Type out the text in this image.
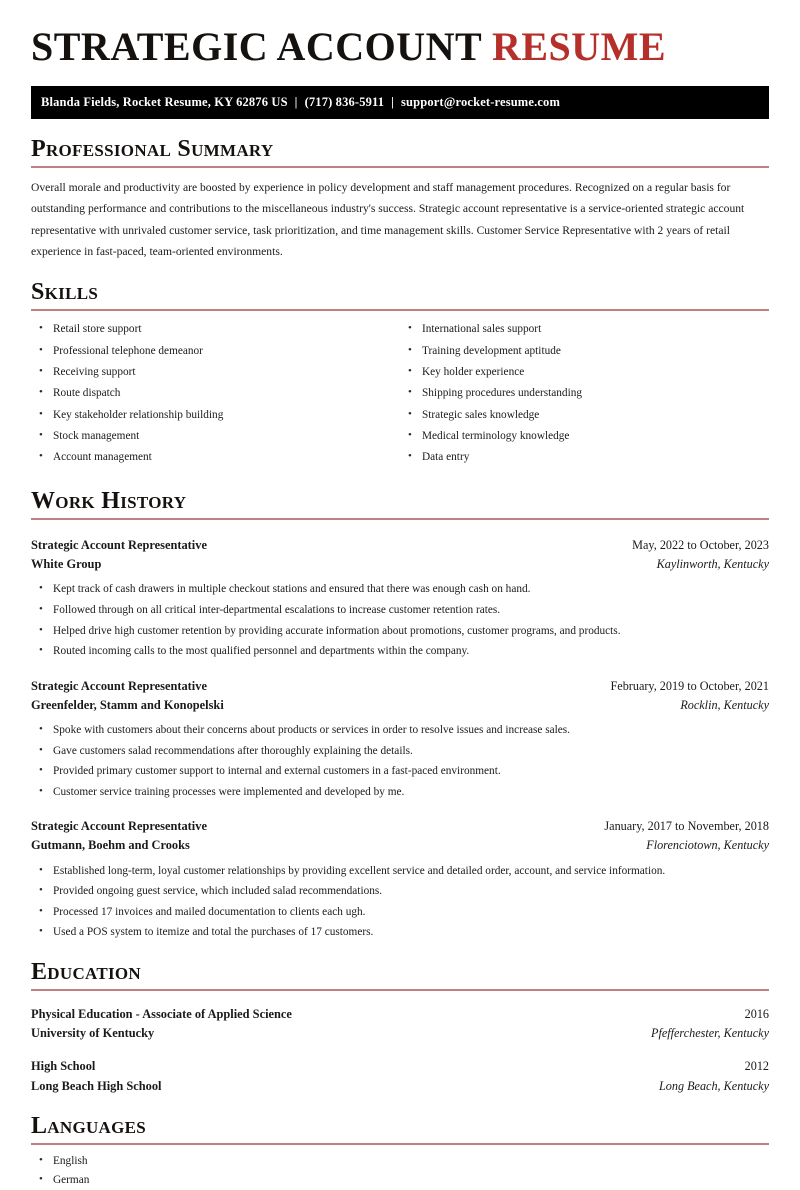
STRATEGIC ACCOUNT RESUME
Blanda Fields, Rocket Resume, KY 62876 US | (717) 836-5911 | support@rocket-resume.com
Professional Summary
Overall morale and productivity are boosted by experience in policy development and staff management procedures. Recognized on a regular basis for outstanding performance and contributions to the miscellaneous industry's success. Strategic account representative is a service-oriented strategic account representative with unrivaled customer service, task prioritization, and time management skills. Customer Service Representative with 2 years of retail experience in fast-paced, team-oriented environments.
Skills
• Retail store support
• Professional telephone demeanor
• Receiving support
• Route dispatch
• Key stakeholder relationship building
• Stock management
• Account management
• International sales support
• Training development aptitude
• Key holder experience
• Shipping procedures understanding
• Strategic sales knowledge
• Medical terminology knowledge
• Data entry
Work History
Strategic Account Representative	May, 2022 to October, 2023
White Group	Kaylinworth, Kentucky
• Kept track of cash drawers in multiple checkout stations and ensured that there was enough cash on hand.
• Followed through on all critical inter-departmental escalations to increase customer retention rates.
• Helped drive high customer retention by providing accurate information about promotions, customer programs, and products.
• Routed incoming calls to the most qualified personnel and departments within the company.
Strategic Account Representative	February, 2019 to October, 2021
Greenfelder, Stamm and Konopelski	Rocklin, Kentucky
• Spoke with customers about their concerns about products or services in order to resolve issues and increase sales.
• Gave customers salad recommendations after thoroughly explaining the details.
• Provided primary customer support to internal and external customers in a fast-paced environment.
• Customer service training processes were implemented and developed by me.
Strategic Account Representative	January, 2017 to November, 2018
Gutmann, Boehm and Crooks	Florenciotown, Kentucky
• Established long-term, loyal customer relationships by providing excellent service and detailed order, account, and service information.
• Provided ongoing guest service, which included salad recommendations.
• Processed 17 invoices and mailed documentation to clients each ugh.
• Used a POS system to itemize and total the purchases of 17 customers.
Education
Physical Education - Associate of Applied Science	2016
University of Kentucky	Pfefferchester, Kentucky
High School	2012
Long Beach High School	Long Beach, Kentucky
Languages
• English
• German
